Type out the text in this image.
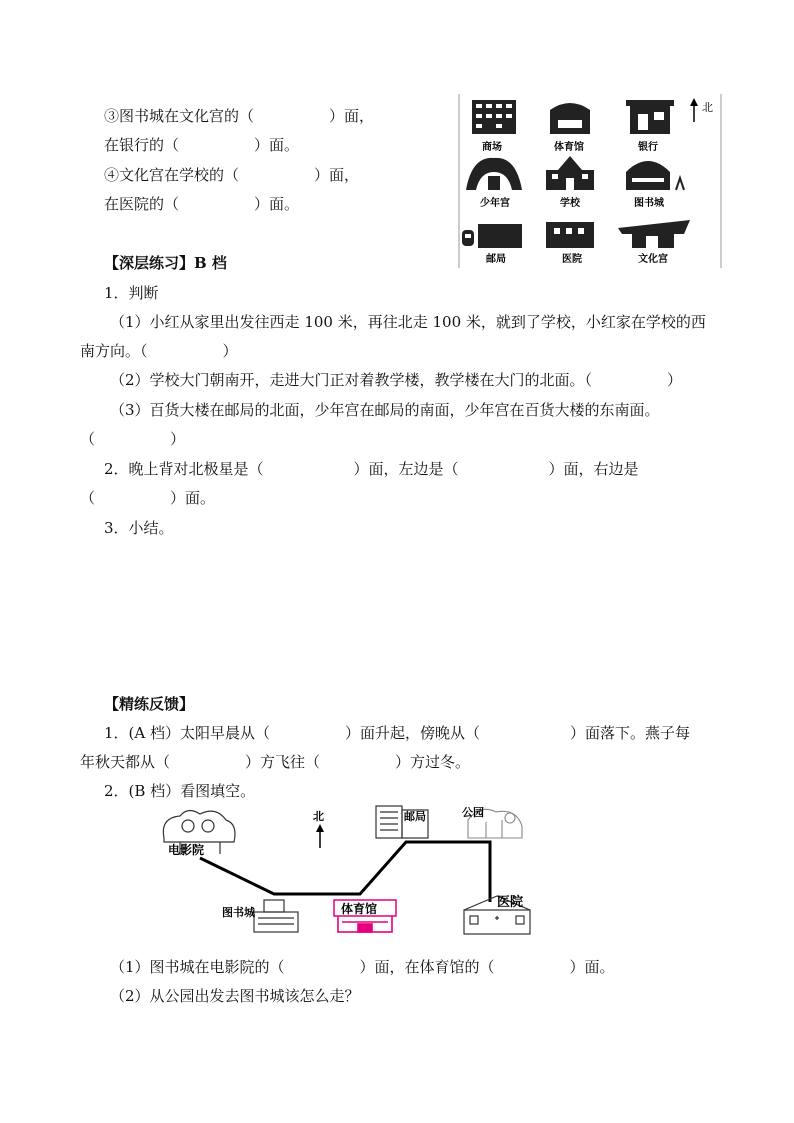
③图书城在文化宫的（　　　　　）面，
在银行的（　　　　　）面。
④文化宫在学校的（　　　　　）面，
在医院的（　　　　　）面。
北
商场	体育馆	银行
少年宫	学校	图书城
邮局	医院	文化宫
【深层练习】B 档
1．判断
（1）小红从家里出发往西走 100 米，再往北走 100 米，就到了学校，小红家在学校的西
南方向。（　　　　　）
（2）学校大门朝南开，走进大门正对着教学楼，教学楼在大门的北面。（　　　　　）
（3）百货大楼在邮局的北面，少年宫在邮局的南面，少年宫在百货大楼的东南面。
（　　　　　）
2．晚上背对北极星是（　　　　　　）面，左边是（　　　　　　）面，右边是
（　　　　　）面。
3．小结。
【精练反馈】
1．(A 档）太阳早晨从（　　　　　）面升起，傍晚从（　　　　　　）面落下。燕子每
年秋天都从（　　　　　）方飞往（　　　　　）方过冬。
2．(B 档）看图填空。
北
电影院
图书城	体育馆
邮局	公园
医院
（1）图书城在电影院的（　　　　　）面，在体育馆的（　　　　　）面。
（2）从公园出发去图书城该怎么走？
